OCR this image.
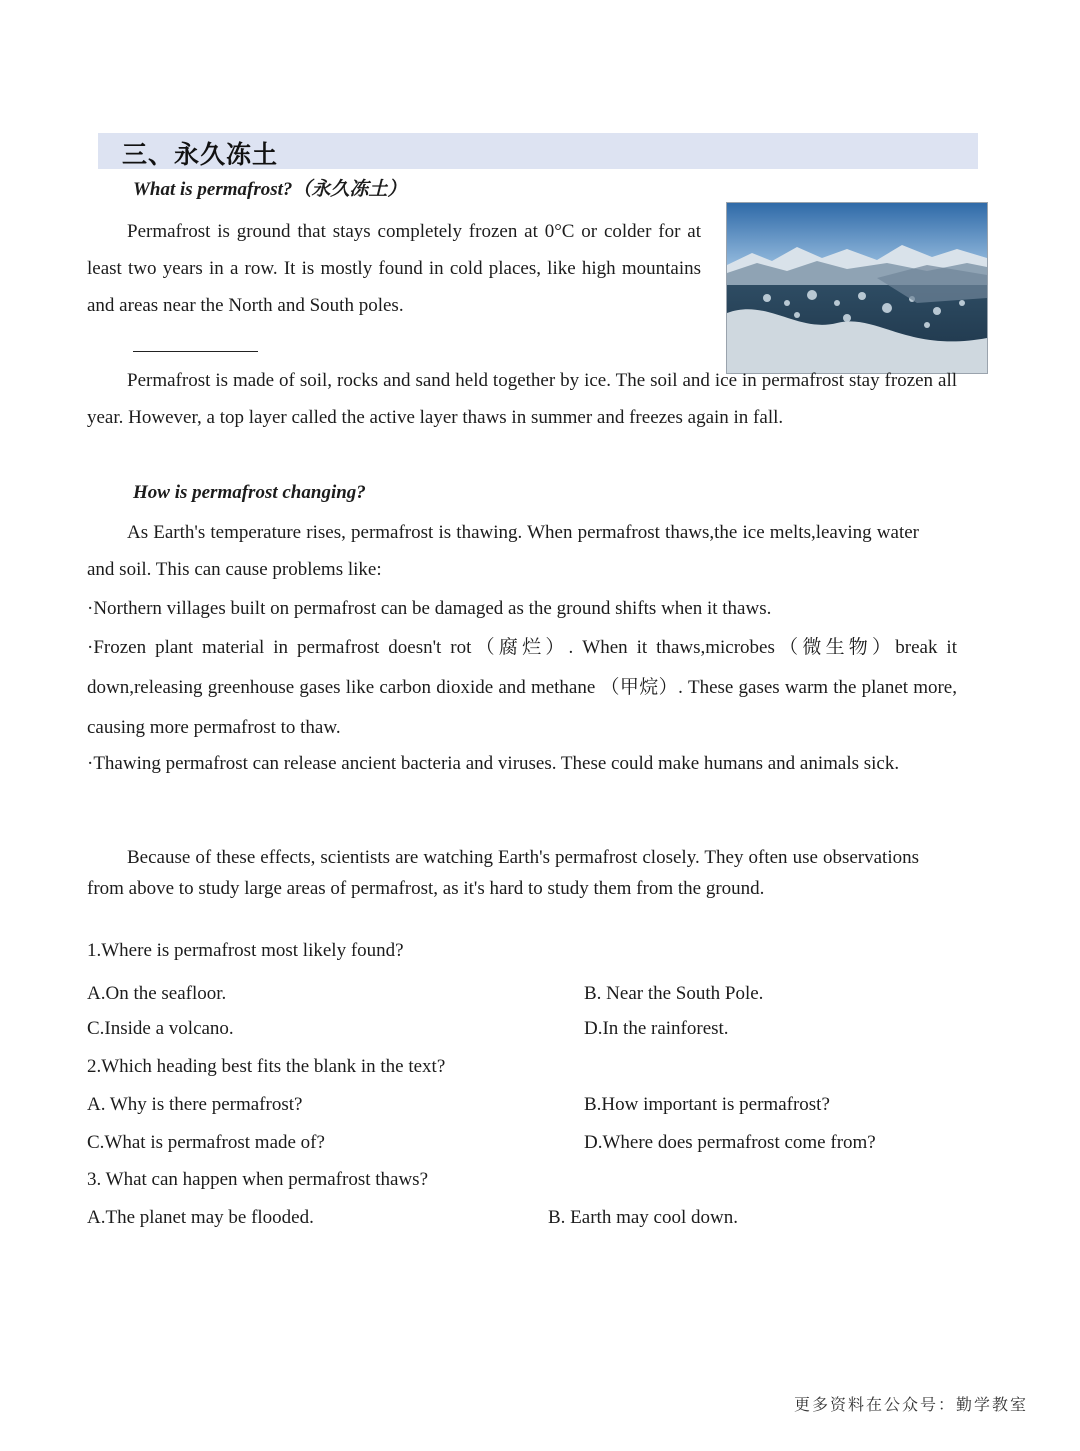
三、永久冻土
What is permafrost?（永久冻土）

Permafrost is ground that stays completely frozen at 0°C or colder for at least two years in a row. It is mostly found in cold places, like high mountains and areas near the North and South poles.

Permafrost is made of soil, rocks and sand held together by ice. The soil and ice in permafrost stay frozen all year. However, a top layer called the active layer thaws in summer and freezes again in fall.

How is permafrost changing?

As Earth's temperature rises, permafrost is thawing. When permafrost thaws,the ice melts,leaving water and soil. This can cause problems like:

·Northern villages built on permafrost can be damaged as the ground shifts when it thaws.

·Frozen plant material in permafrost doesn't rot（腐烂）. When it thaws,microbes（微生物）break it down,releasing greenhouse gases like carbon dioxide and methane （甲烷）. These gases warm the planet more, causing more permafrost to thaw.

·Thawing permafrost can release ancient bacteria and viruses. These could make humans and animals sick.

Because of these effects, scientists are watching Earth's permafrost closely. They often use observations from above to study large areas of permafrost, as it's hard to study them from the ground.

1.Where is permafrost most likely found?
A.On the seafloor.	B. Near the South Pole.
C.Inside a volcano.	D.In the rainforest.
2.Which heading best fits the blank in the text?
A. Why is there permafrost?	B.How important is permafrost?
C.What is permafrost made of?	D.Where does permafrost come from?
3. What can happen when permafrost thaws?
A.The planet may be flooded.	B. Earth may cool down.
更多资料在公众号：勤学教室
